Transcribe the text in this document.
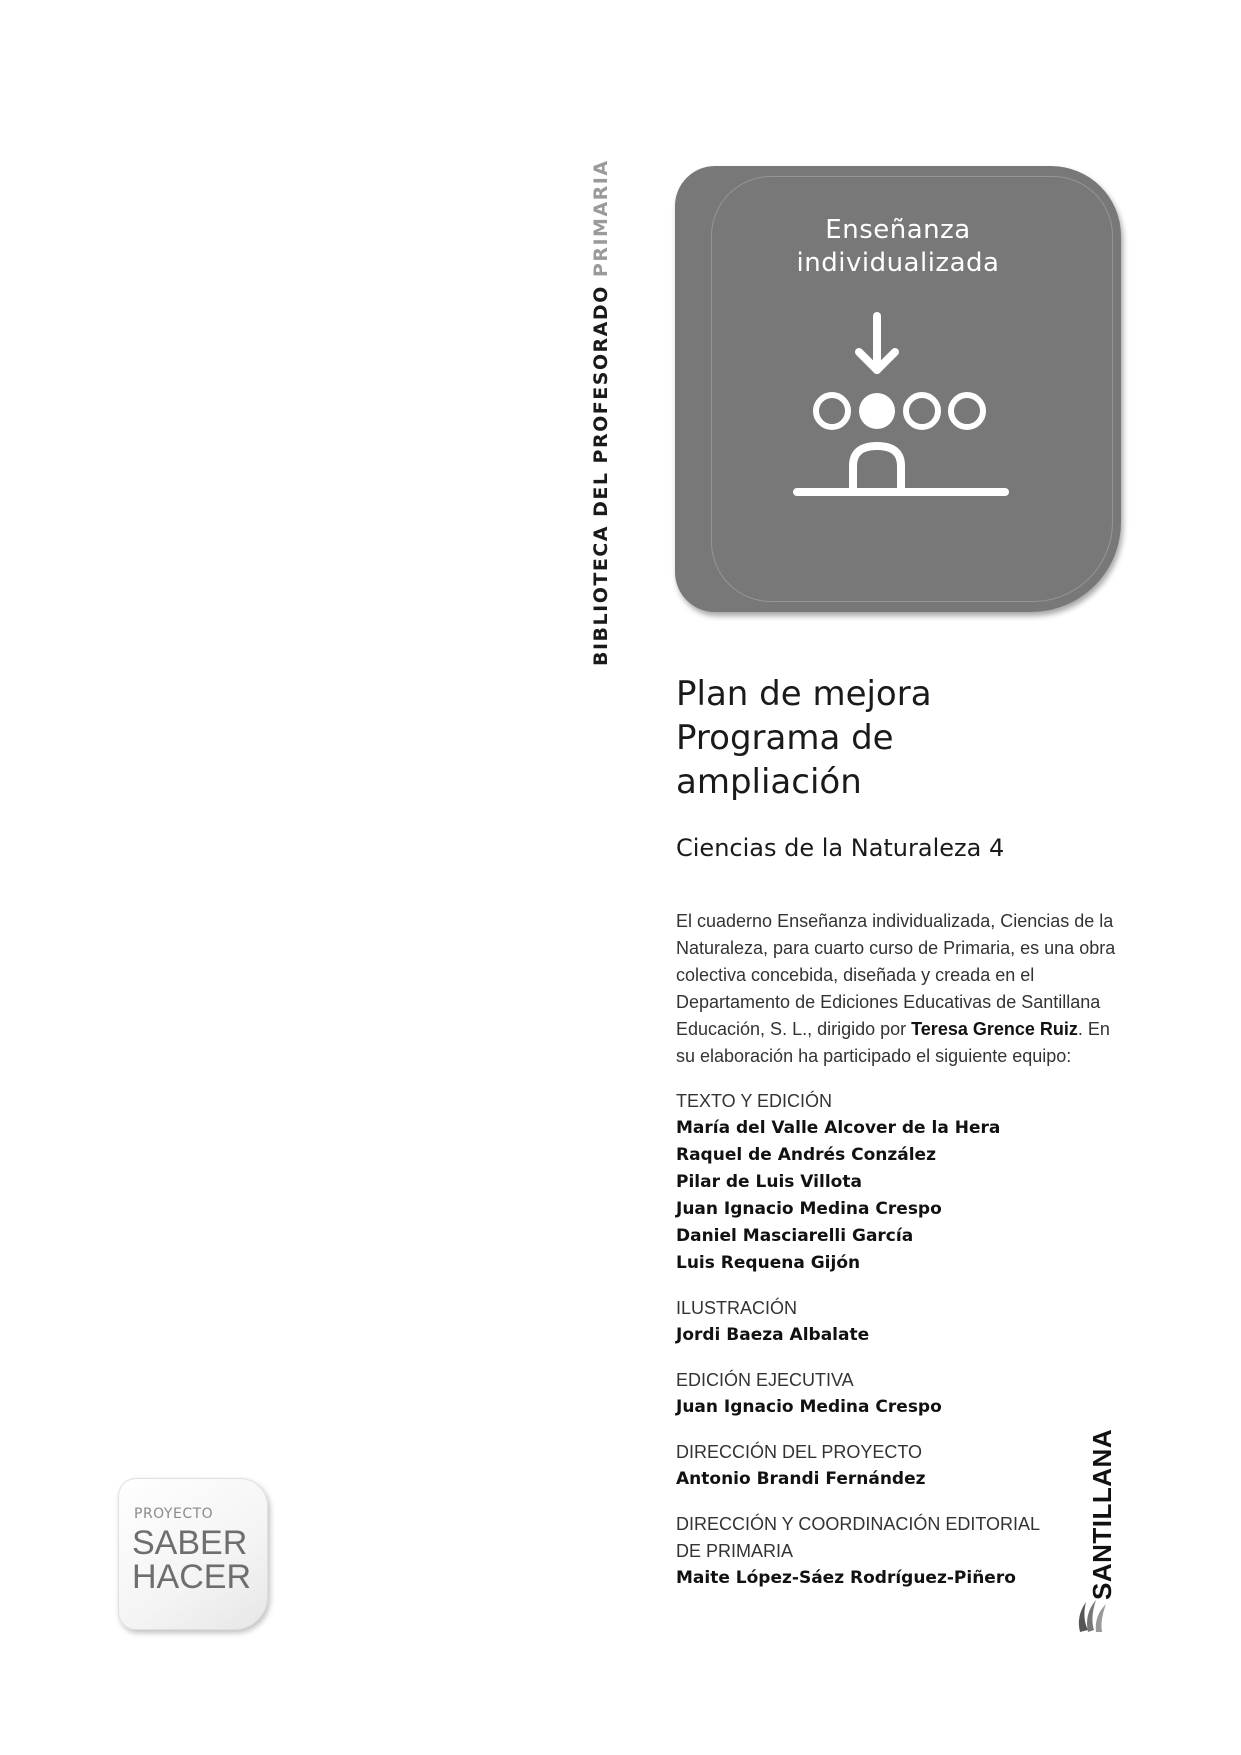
BIBLIOTECA DEL PROFESORADO PRIMARIA	Enseñanza
individualizada
Plan de mejora
Programa de
ampliación
Ciencias de la Naturaleza 4
El cuaderno Enseñanza individualizada, Ciencias de la Naturaleza, para cuarto curso de Primaria, es una obra colectiva concebida, diseñada y creada en el Departamento de Ediciones Educativas de Santillana Educación, S. L., dirigido por Teresa Grence Ruiz. En su elaboración ha participado el siguiente equipo:
TEXTO Y EDICIÓN
María del Valle Alcover de la Hera
Raquel de Andrés Conzález
Pilar de Luis Villota
Juan Ignacio Medina Crespo
Daniel Masciarelli García
Luis Requena Gijón
ILUSTRACIÓN
Jordi Baeza Albalate
EDICIÓN EJECUTIVA
Juan Ignacio Medina Crespo
DIRECCIÓN DEL PROYECTO
Antonio Brandi Fernández
DIRECCIÓN Y COORDINACIÓN EDITORIAL
DE PRIMARIA
Maite López-Sáez Rodríguez-Piñero	SANTILLANA
PROYECTO
SABER
HACER
